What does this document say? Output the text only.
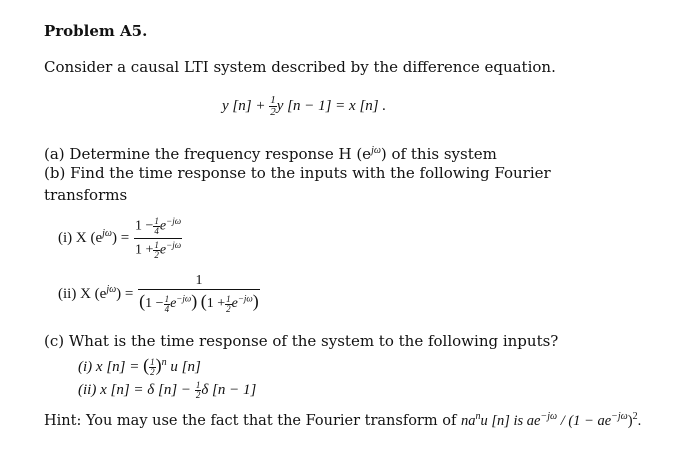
Problem A5.
Consider a causal LTI system described by the difference equation.
y $[n] + \frac{1}{2}$ y [n − 1] = x [n] .
(a) Determine the frequency response H $(e^{j\omega})$ of this system
(b) Find the time response to the inputs with the following Fourier
transforms
(i) X $(e^{j\omega}) = \frac{1 - \frac{1}{4} e^{-j\omega}}{1 + \frac{1}{2} e^{-j\omega}}$
(ii) X $(e^{j\omega}) = \frac{1}{(1 - \frac{1}{4} e^{-j\omega}) (1 + \frac{1}{2} e^{-j\omega})}$
(c) What is the time response of the system to the following inputs?
(i) x [n] = ( $\frac{1}{2} )^n$ u [n]
(ii) x [n] = δ $[n] - \frac{1}{2}$ δ [n − 1]
Hint: You may use the fact that the Fourier transform of $na^nu$ [n] is $ae^{-j\omega} / (1 - ae^{-j\omega})^2$.
